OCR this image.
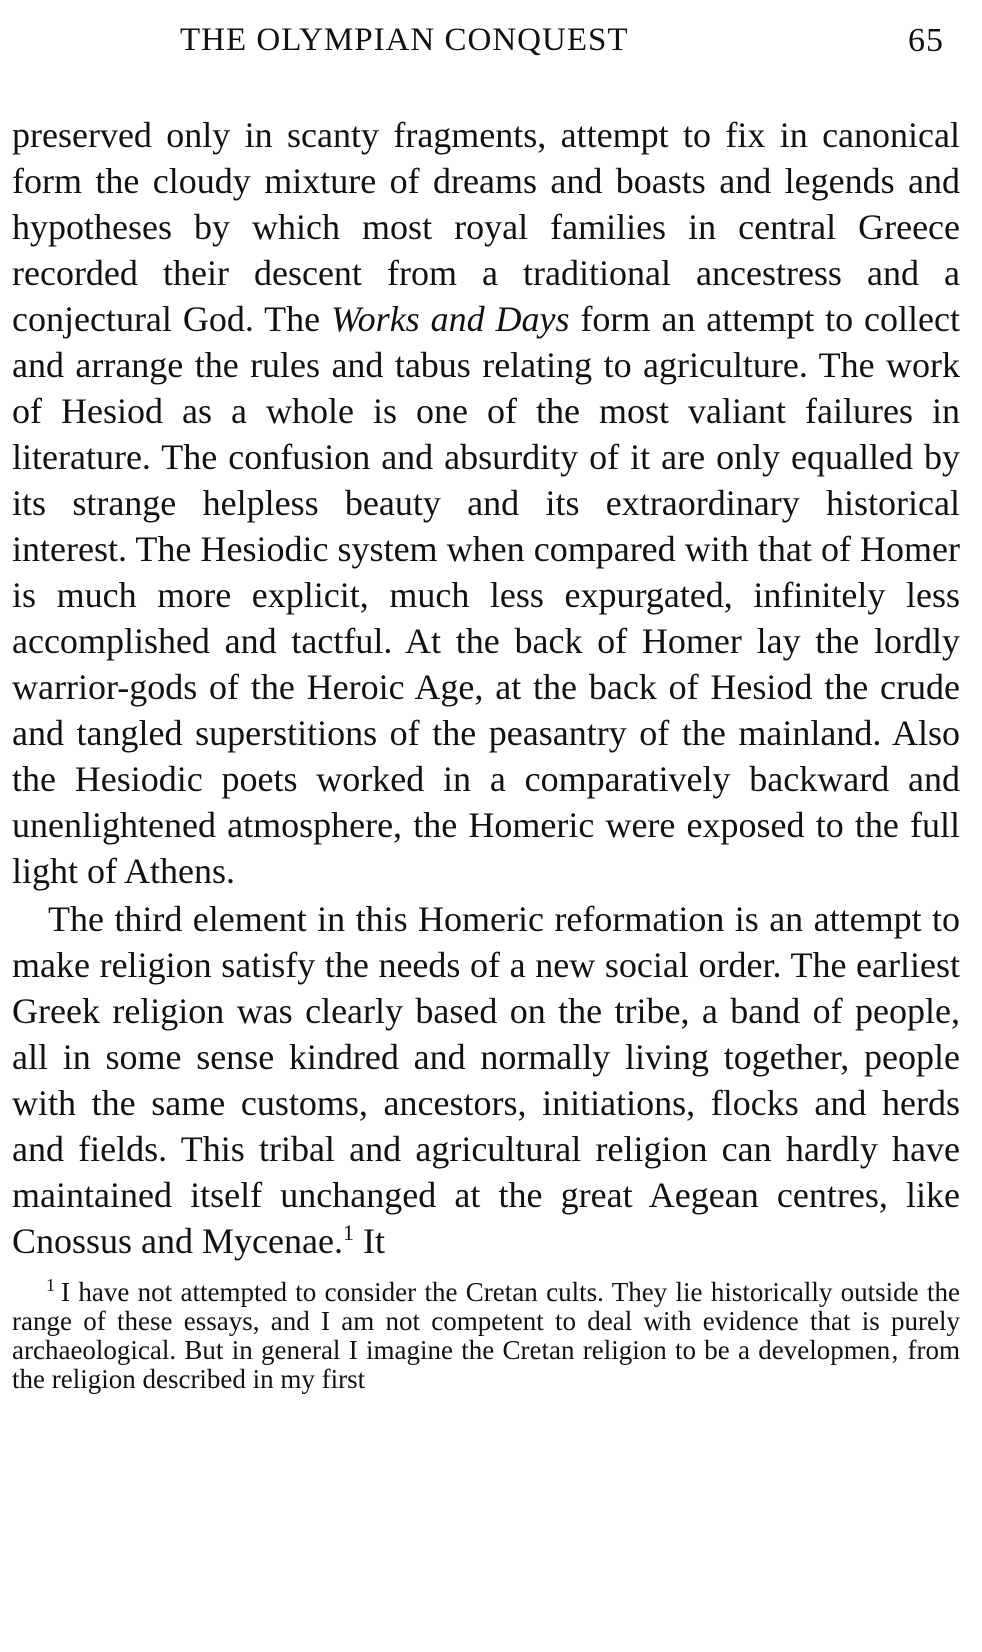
THE OLYMPIAN CONQUEST	65

preserved only in scanty fragments, attempt to fix in canonical form the cloudy mixture of dreams and boasts and legends and hypotheses by which most royal families in central Greece recorded their descent from a traditional ancestress and a conjectural God. The Works and Days form an attempt to collect and arrange the rules and tabus relating to agriculture. The work of Hesiod as a whole is one of the most valiant failures in literature. The confusion and absurdity of it are only equalled by its strange helpless beauty and its extraordinary historical interest. The Hesiodic system when compared with that of Homer is much more explicit, much less expurgated, infinitely less accomplished and tactful. At the back of Homer lay the lordly warrior-gods of the Heroic Age, at the back of Hesiod the crude and tangled superstitions of the peasantry of the mainland. Also the Hesiodic poets worked in a comparatively backward and unenlightened atmosphere, the Homeric were exposed to the full light of Athens.

The third element in this Homeric reformation is an attempt to make religion satisfy the needs of a new social order. The earliest Greek religion was clearly based on the tribe, a band of people, all in some sense kindred and normally living together, people with the same customs, ancestors, initiations, flocks and herds and fields. This tribal and agricultural religion can hardly have maintained itself unchanged at the great Aegean centres, like Cnossus and Mycenae.$^1$ It

$^1$ I have not attempted to consider the Cretan cults. They lie historically outside the range of these essays, and I am not competent to deal with evidence that is purely archaeological. But in general I imagine the Cretan religion to be a developmen‚ from the religion described in my first
